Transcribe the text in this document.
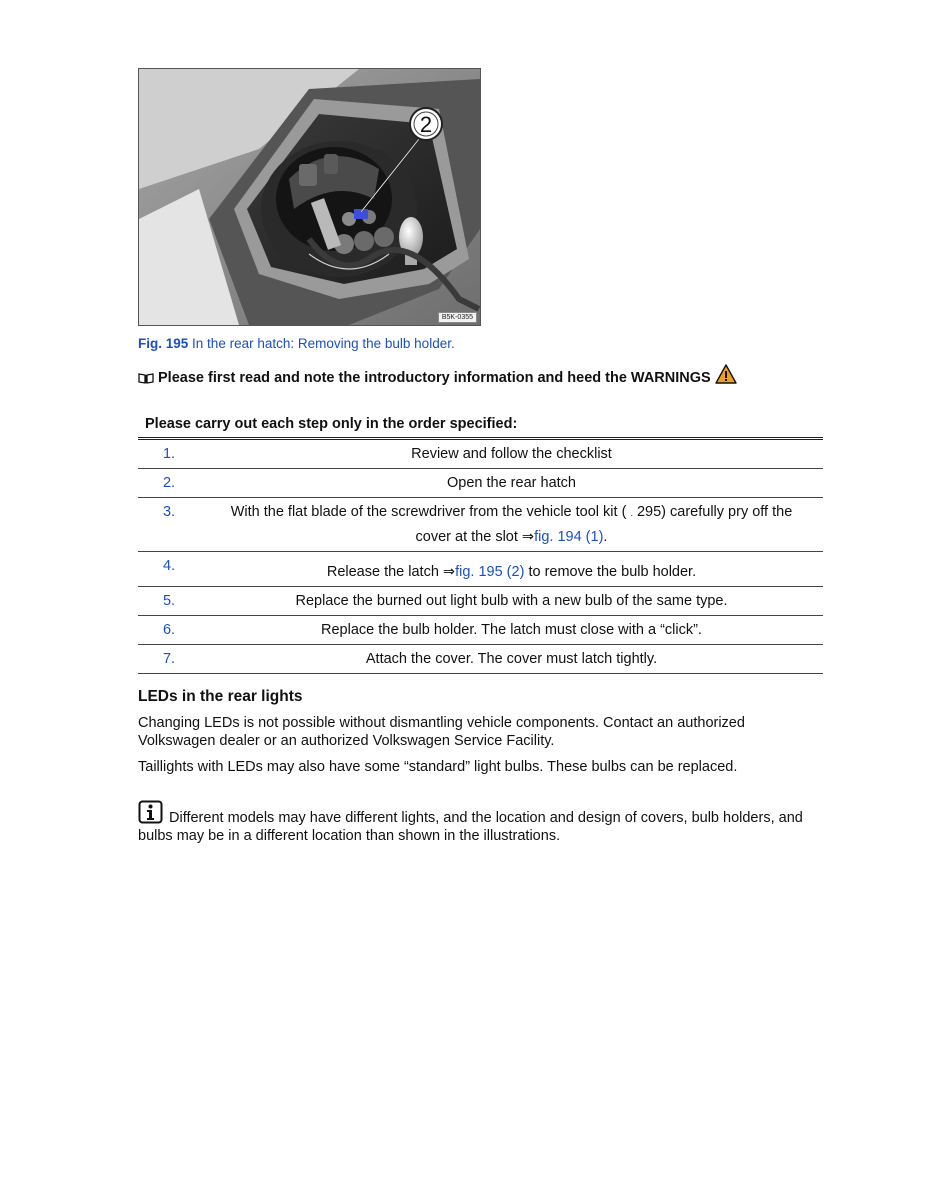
2
B5K-0355
Fig. 195 In the rear hatch: Removing the bulb holder.
Please first read and note the introductory information and heed the WARNINGS
Please carry out each step only in the order specified:
1.	Review and follow the checklist
2.	Open the rear hatch
3.	With the flat blade of the screwdriver from the vehicle tool kit ( . 295) carefully pry off the
cover at the slot ⇒fig. 194 (1).
4.	Release the latch ⇒fig. 195 (2) to remove the bulb holder.
5.	Replace the burned out light bulb with a new bulb of the same type.
6.	Replace the bulb holder. The latch must close with a “click”.
7.	Attach the cover. The cover must latch tightly.
LEDs in the rear lights
Changing LEDs is not possible without dismantling vehicle components. Contact an authorized Volkswagen dealer or an authorized Volkswagen Service Facility.
Taillights with LEDs may also have some “standard” light bulbs. These bulbs can be replaced.
Different models may have different lights, and the location and design of covers, bulb holders, and bulbs may be in a different location than shown in the illustrations.
